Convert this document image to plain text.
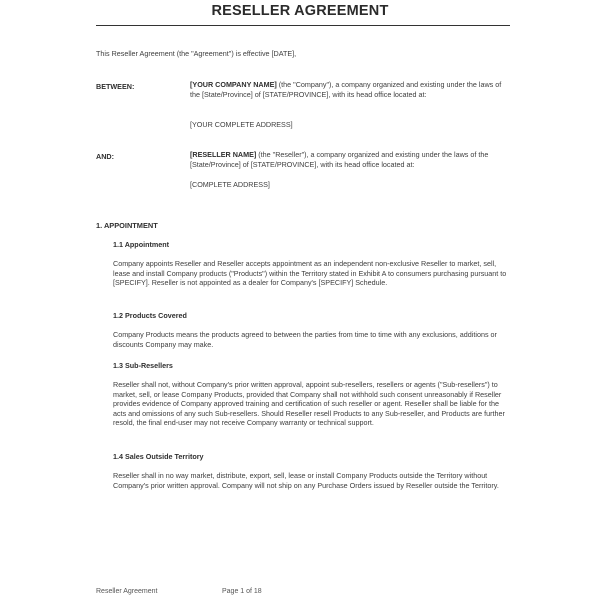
RESELLER AGREEMENT
This Reseller Agreement (the "Agreement") is effective [DATE],
BETWEEN:	[YOUR COMPANY NAME] (the "Company"), a company organized and existing under the laws of the [State/Province] of [STATE/PROVINCE], with its head office located at:
[YOUR COMPLETE ADDRESS]
AND:	[RESELLER NAME] (the "Reseller"), a company organized and existing under the laws of the [State/Province] of [STATE/PROVINCE], with its head office located at:
[COMPLETE ADDRESS]
1. APPOINTMENT
1.1 Appointment
Company appoints Reseller and Reseller accepts appointment as an independent non-exclusive Reseller to market, sell, lease and install Company products ("Products") within the Territory stated in Exhibit A to consumers purchasing pursuant to [SPECIFY]. Reseller is not appointed as a dealer for Company's [SPECIFY] Schedule.
1.2 Products Covered
Company Products means the products agreed to between the parties from time to time with any exclusions, additions or discounts Company may make.
1.3 Sub-Resellers
Reseller shall not, without Company's prior written approval, appoint sub-resellers, resellers or agents ("Sub-resellers") to market, sell, or lease Company Products, provided that Company shall not withhold such consent unreasonably if Reseller provides evidence of Company approved training and certification of such reseller or agent. Reseller shall be liable for the acts and omissions of any such Sub-resellers. Should Reseller resell Products to any Sub-reseller, and Products are further resold, the final end-user may not receive Company warranty or technical support.
1.4 Sales Outside Territory
Reseller shall in no way market, distribute, export, sell, lease or install Company Products outside the Territory without Company's prior written approval. Company will not ship on any Purchase Orders issued by Reseller outside the Territory.
Reseller Agreement	Page 1 of 18
